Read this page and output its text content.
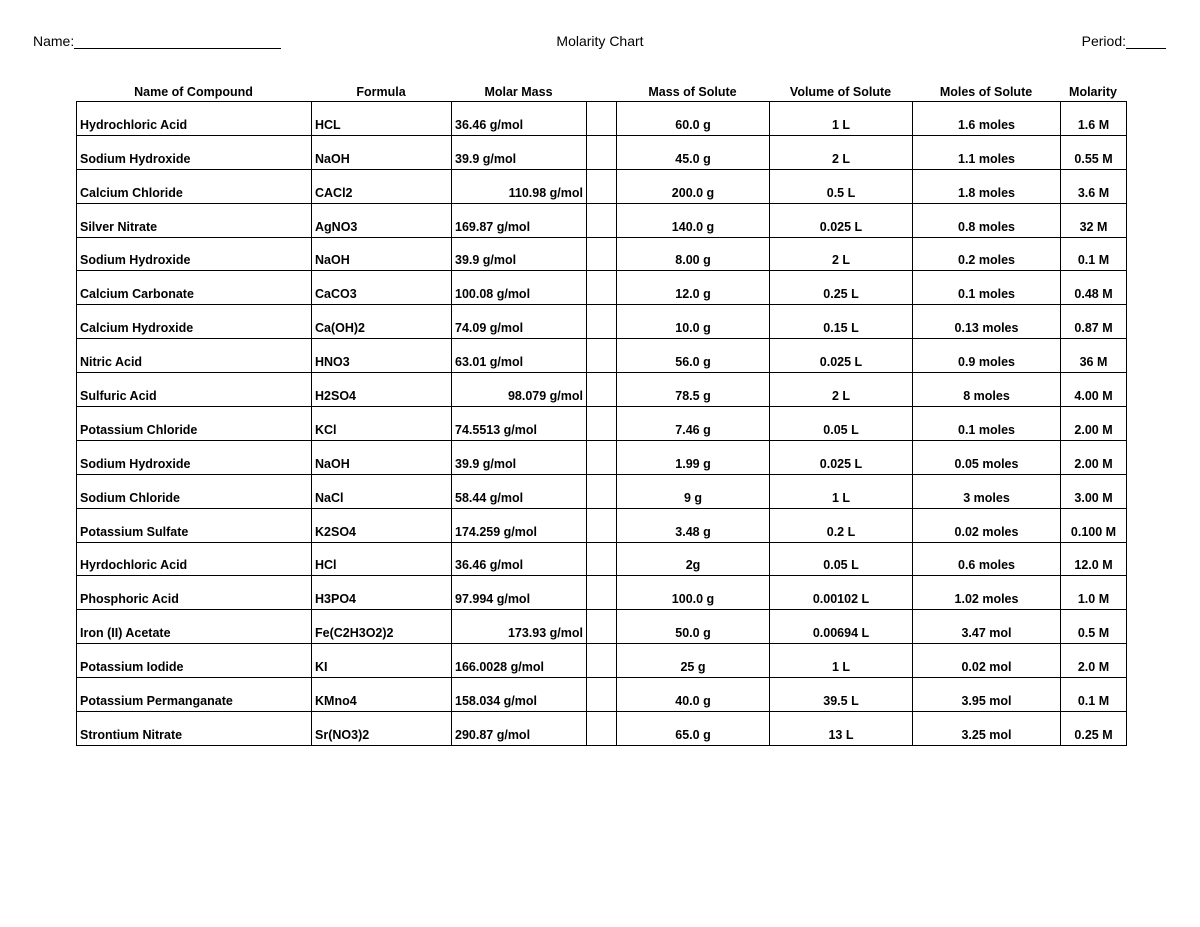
Name:	Molarity Chart	Period:
Name of Compound	Formula	Molar Mass	Mass of Solute	Volume of Solute	Moles of Solute	Molarity
Hydrochloric Acid	HCL	36.46 g/mol		60.0 g	1 L	1.6 moles	1.6 M
Sodium Hydroxide	NaOH	39.9 g/mol		45.0 g	2 L	1.1 moles	0.55 M
Calcium Chloride	CACl2	110.98 g/mol		200.0 g	0.5 L	1.8 moles	3.6 M
Silver Nitrate	AgNO3	169.87 g/mol		140.0 g	0.025 L	0.8 moles	32 M
Sodium Hydroxide	NaOH	39.9 g/mol		8.00 g	2 L	0.2 moles	0.1 M
Calcium Carbonate	CaCO3	100.08 g/mol		12.0 g	0.25 L	0.1 moles	0.48 M
Calcium Hydroxide	Ca(OH)2	74.09 g/mol		10.0 g	0.15 L	0.13 moles	0.87 M
Nitric Acid	HNO3	63.01 g/mol		56.0 g	0.025 L	0.9 moles	36 M
Sulfuric Acid	H2SO4	98.079 g/mol		78.5 g	2 L	8 moles	4.00 M
Potassium Chloride	KCl	74.5513 g/mol		7.46 g	0.05 L	0.1 moles	2.00 M
Sodium Hydroxide	NaOH	39.9 g/mol		1.99 g	0.025 L	0.05 moles	2.00 M
Sodium Chloride	NaCl	58.44 g/mol		9 g	1 L	3 moles	3.00 M
Potassium Sulfate	K2SO4	174.259 g/mol		3.48 g	0.2 L	0.02 moles	0.100 M
Hyrdochloric Acid	HCl	36.46 g/mol		2g	0.05 L	0.6 moles	12.0 M
Phosphoric Acid	H3PO4	97.994 g/mol		100.0 g	0.00102 L	1.02 moles	1.0 M
Iron (II) Acetate	Fe(C2H3O2)2	173.93 g/mol		50.0 g	0.00694 L	3.47 mol	0.5 M
Potassium Iodide	KI	166.0028 g/mol		25 g	1 L	0.02 mol	2.0 M
Potassium Permanganate	KMno4	158.034 g/mol		40.0 g	39.5 L	3.95 mol	0.1 M
Strontium Nitrate	Sr(NO3)2	290.87 g/mol		65.0 g	13 L	3.25 mol	0.25 M
